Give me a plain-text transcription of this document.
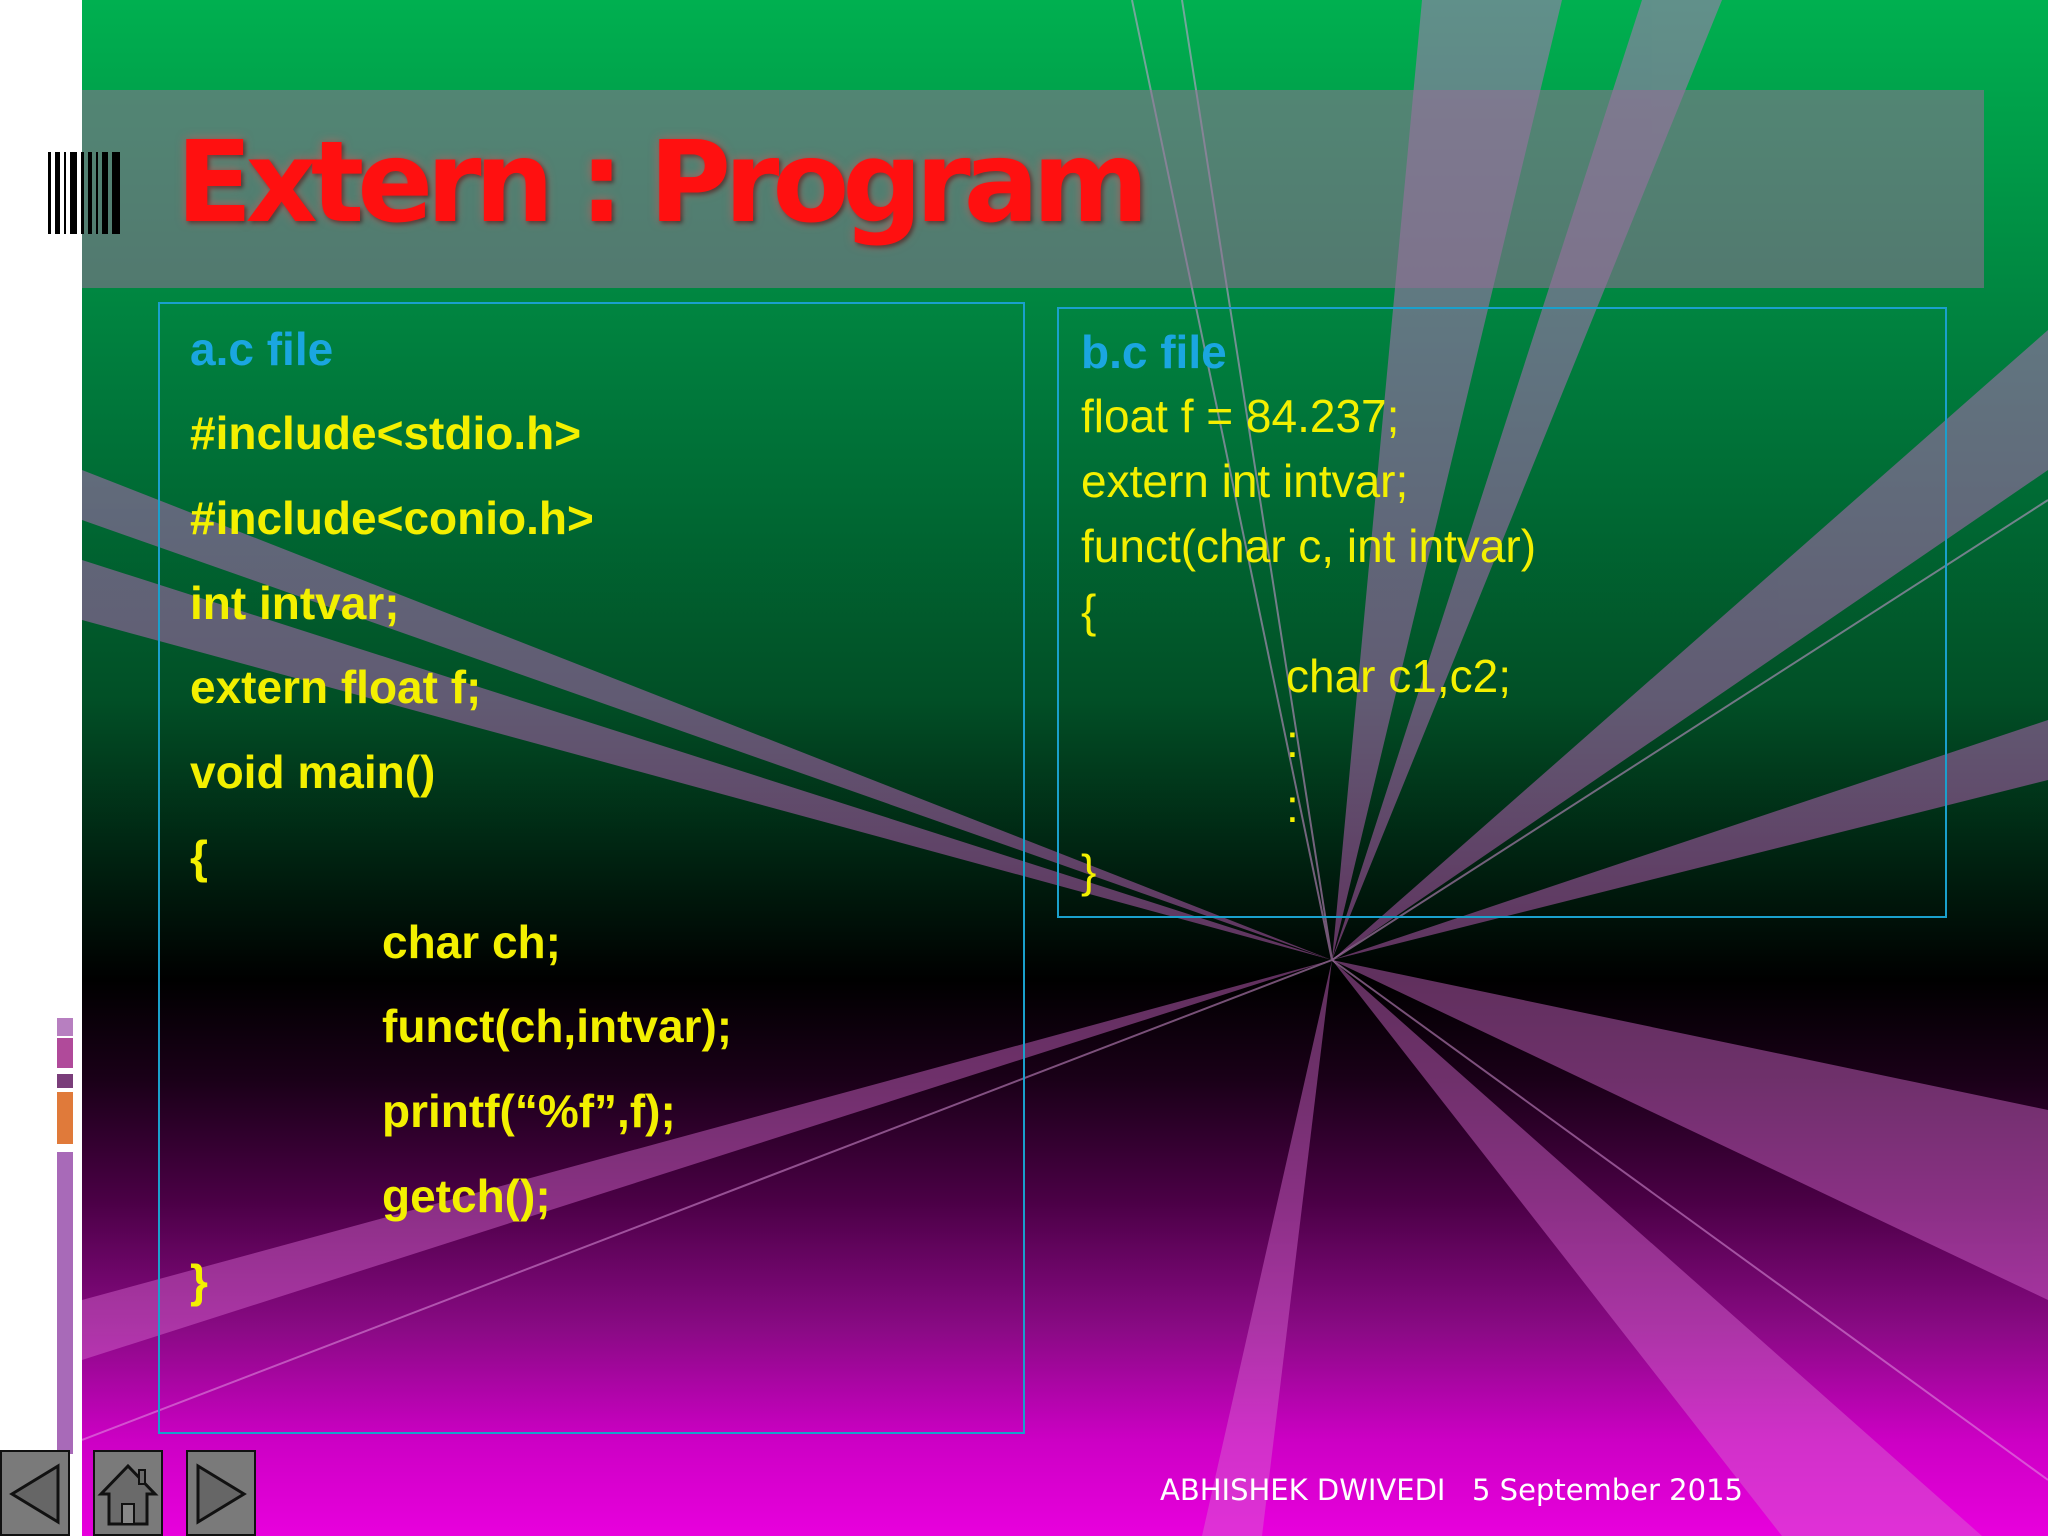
Extern : Program
a.c file
#include<stdio.h>
#include<conio.h>
int intvar;
extern float f;
void main()
{
char ch;
funct(ch,intvar);
printf(“%f”,f);
getch();
}
b.c file
float f = 84.237;
extern int intvar;
funct(char c, int intvar)
{
char c1,c2;
:
:
}
ABHISHEK DWIVEDI 5 September 2015
